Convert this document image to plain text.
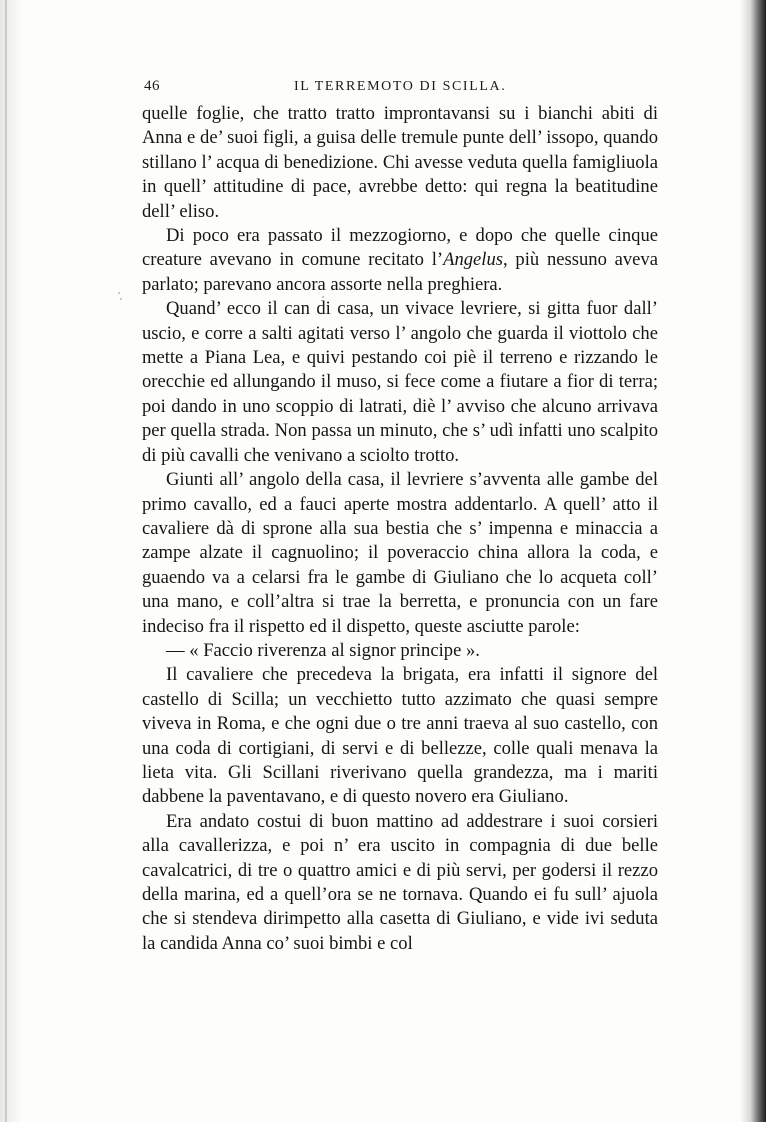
46	IL TERREMOTO DI SCILLA.

quelle foglie, che tratto tratto improntavansi su i bianchi abiti di Anna e de’ suoi figli, a guisa delle tremule punte dell’ issopo, quando stillano l’ acqua di benedizione. Chi avesse veduta quella famigliuola in quell’ attitudine di pace, avrebbe detto: qui regna la beatitudine dell’ eliso.

Di poco era passato il mezzogiorno, e dopo che quelle cinque creature avevano in comune recitato l’Angelus, più nessuno aveva parlato; parevano ancora assorte nella preghiera.

Quand’ ecco il can di casa, un vivace levriere, si gitta fuor dall’ uscio, e corre a salti agitati verso l’ angolo che guarda il viottolo che mette a Piana Lea, e quivi pestando coi piè il terreno e rizzando le orecchie ed allungando il muso, si fece come a fiutare a fior di terra; poi dando in uno scoppio di latrati, diè l’ avviso che alcuno arrivava per quella strada. Non passa un minuto, che s’ udì infatti uno scalpito di più cavalli che venivano a sciolto trotto.

Giunti all’ angolo della casa, il levriere s’avventa alle gambe del primo cavallo, ed a fauci aperte mostra addentarlo. A quell’ atto il cavaliere dà di sprone alla sua bestia che s’ impenna e minaccia a zampe alzate il cagnuolino; il poveraccio china allora la coda, e guaendo va a celarsi fra le gambe di Giuliano che lo acqueta coll’ una mano, e coll’altra si trae la berretta, e pronuncia con un fare indeciso fra il rispetto ed il dispetto, queste asciutte parole:

— « Faccio riverenza al signor principe ».

Il cavaliere che precedeva la brigata, era infatti il signore del castello di Scilla; un vecchietto tutto azzimato che quasi sempre viveva in Roma, e che ogni due o tre anni traeva al suo castello, con una coda di cortigiani, di servi e di bellezze, colle quali menava la lieta vita. Gli Scillani riverivano quella grandezza, ma i mariti dabbene la paventavano, e di questo novero era Giuliano.

Era andato costui di buon mattino ad addestrare i suoi corsieri alla cavallerizza, e poi n’ era uscito in compagnia di due belle cavalcatrici, di tre o quattro amici e di più servi, per godersi il rezzo della marina, ed a quell’ora se ne tornava. Quando ei fu sull’ ajuola che si stendeva dirimpetto alla casetta di Giuliano, e vide ivi seduta la candida Anna co’ suoi bimbi e col
